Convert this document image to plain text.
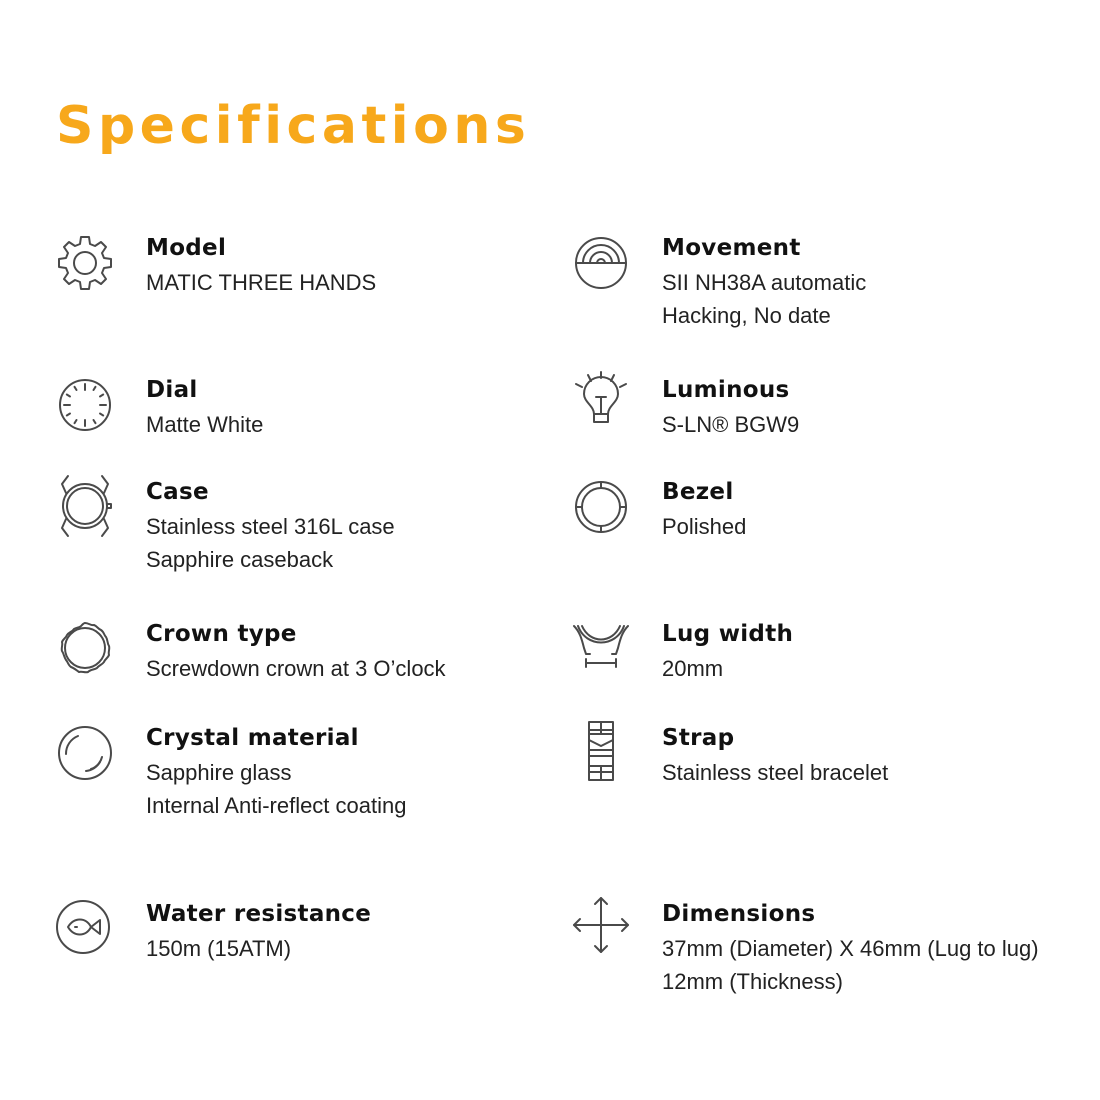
Specifications
Model
MATIC THREE HANDS
Movement
SII NH38A automatic
Hacking, No date
Dial
Matte White
Luminous
S-LN® BGW9
Case
Stainless steel 316L case
Sapphire caseback
Bezel
Polished
Crown type
Screwdown crown at 3 O’clock
Lug width
20mm
Crystal material
Sapphire glass
Internal Anti-reflect coating
Strap
Stainless steel bracelet
Water resistance
150m (15ATM)
Dimensions
37mm (Diameter) X 46mm (Lug to lug)
12mm (Thickness)
